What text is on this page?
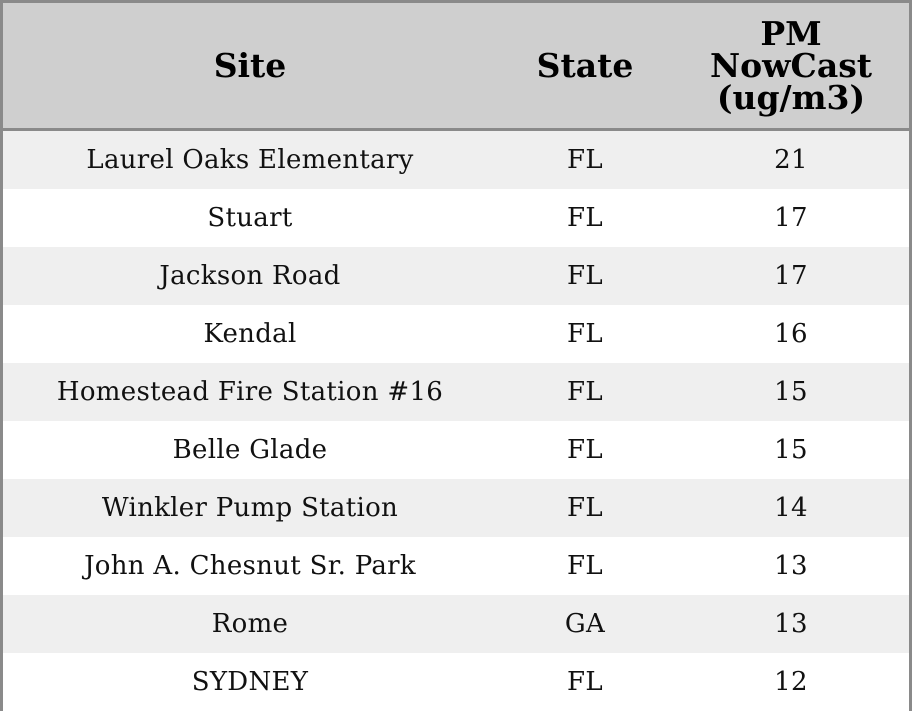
Site	State	PM NowCast (ug/m3)
Laurel Oaks Elementary	FL	21
Stuart	FL	17
Jackson Road	FL	17
Kendal	FL	16
Homestead Fire Station #16	FL	15
Belle Glade	FL	15
Winkler Pump Station	FL	14
John A. Chesnut Sr. Park	FL	13
Rome	GA	13
SYDNEY	FL	12
